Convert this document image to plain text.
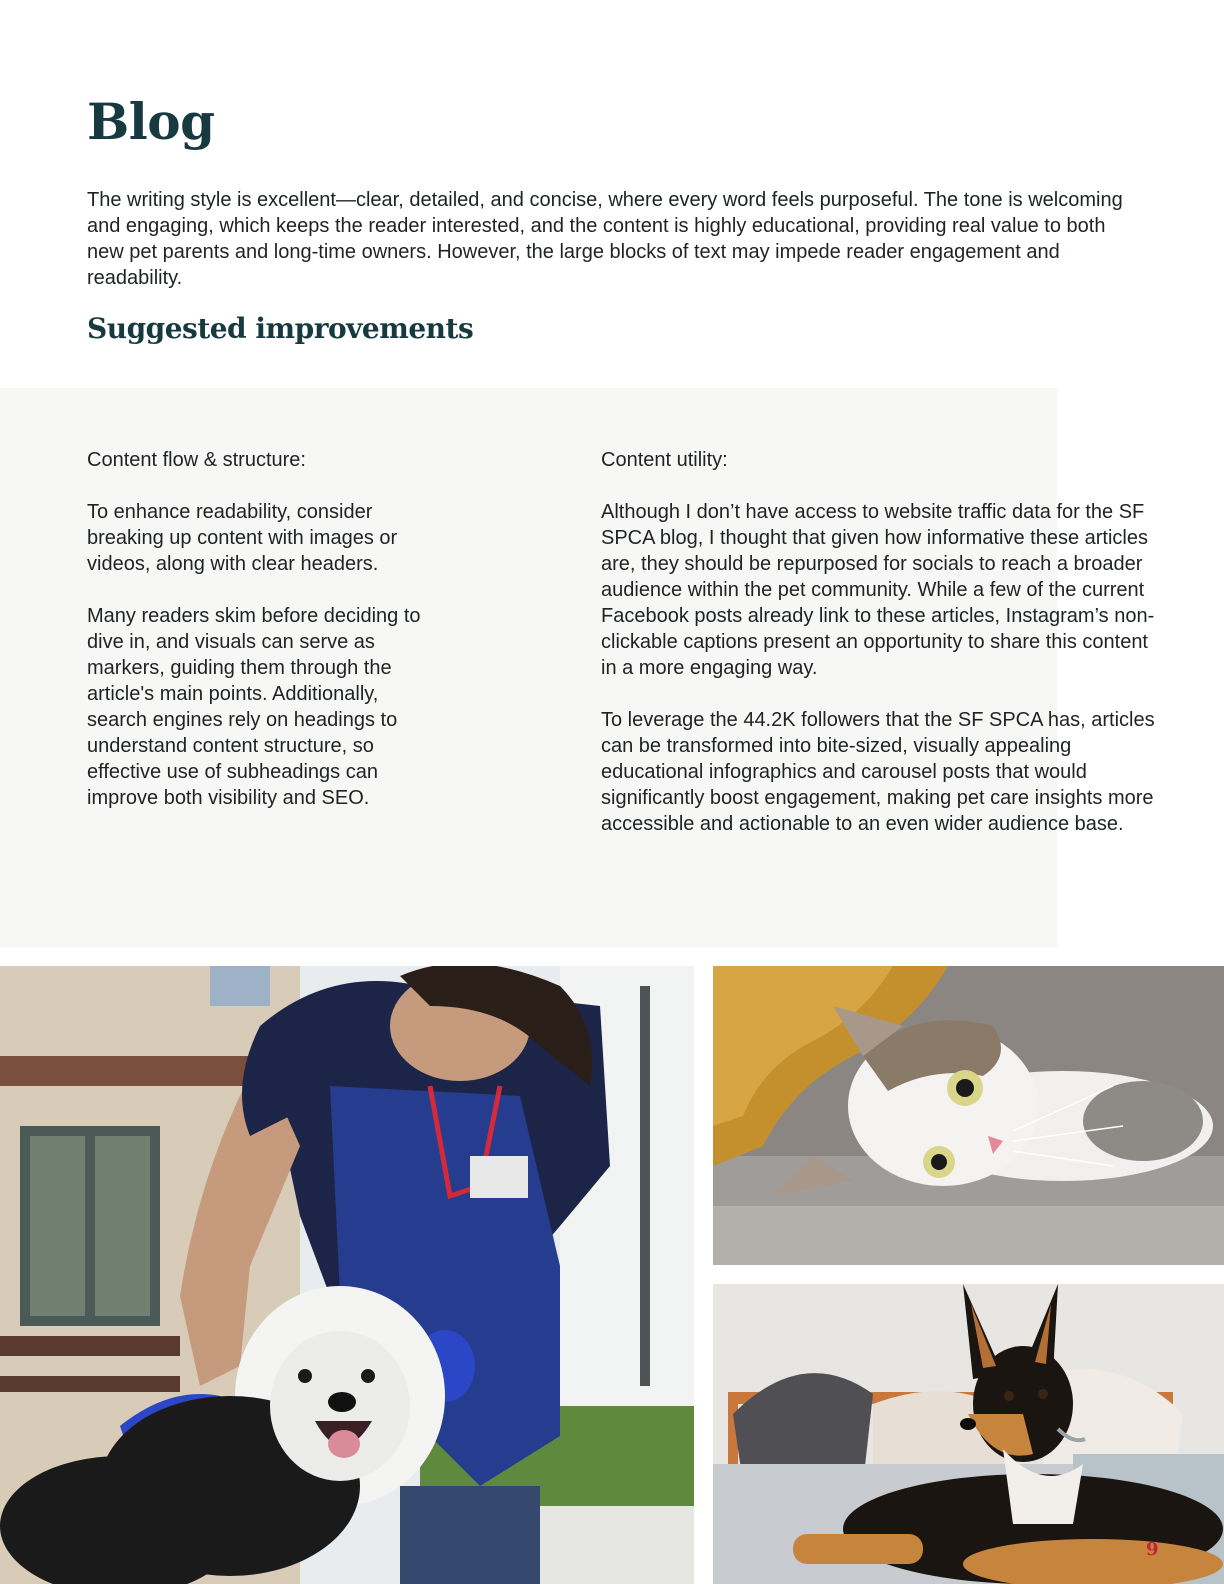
Blog

The writing style is excellent—clear, detailed, and concise, where every word feels purposeful. The tone is welcoming and engaging, which keeps the reader interested, and the content is highly educational, providing real value to both new pet parents and long-time owners. However, the large blocks of text may impede reader engagement and readability.

Suggested improvements
Content flow & structure:

To enhance readability, consider breaking up content with images or videos, along with clear headers.

Many readers skim before deciding to dive in, and visuals can serve as markers, guiding them through the article's main points. Additionally, search engines rely on headings to understand content structure, so effective use of subheadings can improve both visibility and SEO.

Content utility:

Although I don’t have access to website traffic data for the SF SPCA blog, I thought that given how informative these articles are, they should be repurposed for socials to reach a broader audience within the pet community. While a few of the current Facebook posts already link to these articles, Instagram’s non-clickable captions present an opportunity to share this content in a more engaging way.

To leverage the 44.2K followers that the SF SPCA has, articles can be transformed into bite-sized, visually appealing educational infographics and carousel posts that would significantly boost engagement, making pet care insights more accessible and actionable to an even wider audience base.

9
